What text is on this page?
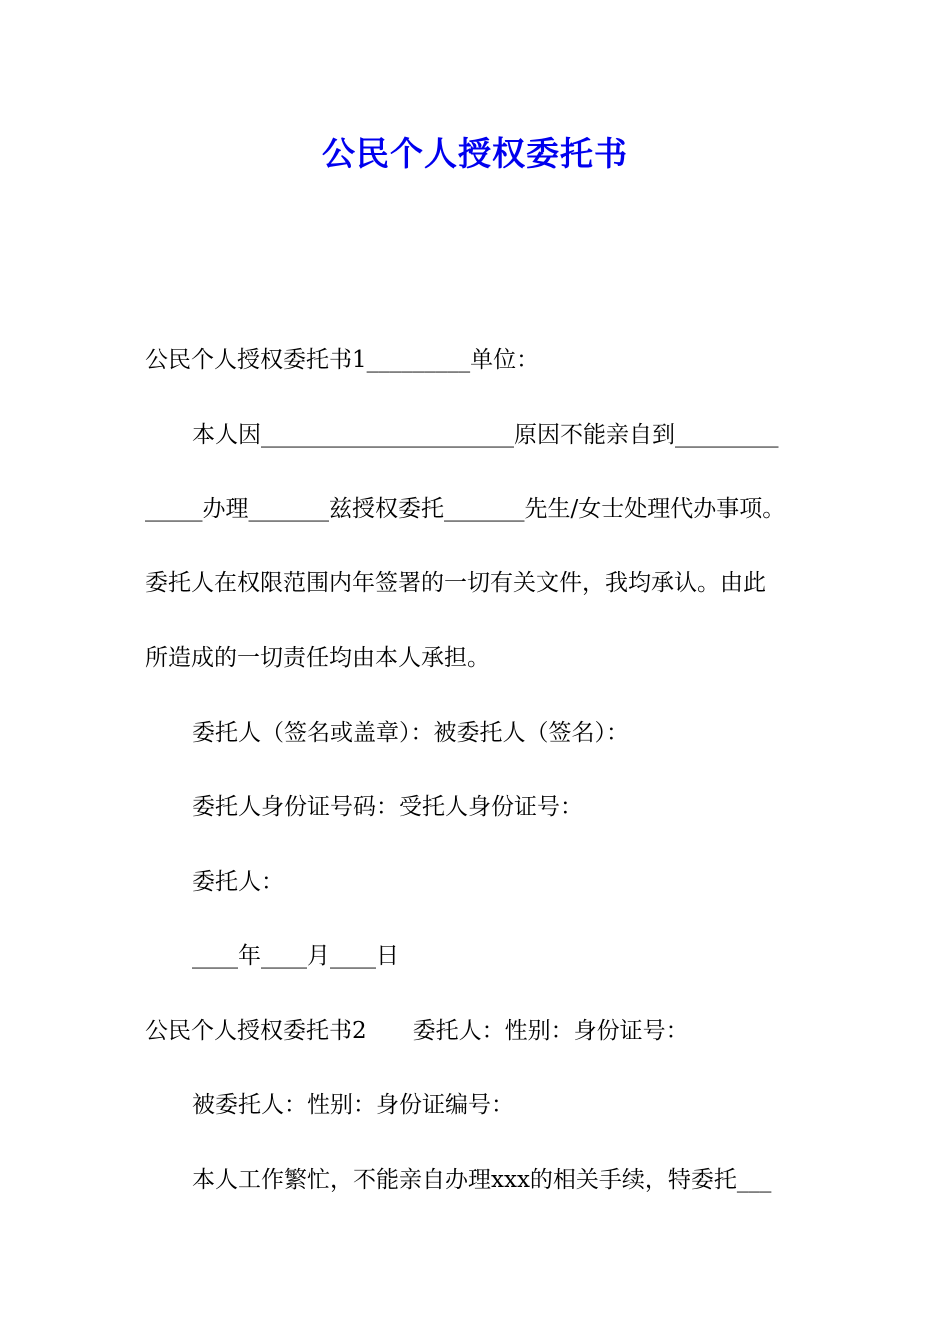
公民个人授权委托书

公民个人授权委托书1_________单位：

本人因______________________原因不能亲自到_________

_____办理_______兹授权委托_______先生/女士处理代办事项。

委托人在权限范围内年签署的一切有关文件，我均承认。由此

所造成的一切责任均由本人承担。

委托人（签名或盖章）：被委托人（签名）：

委托人身份证号码：受托人身份证号：

委托人：

____年____月____日

公民个人授权委托书2　　委托人：性别：身份证号：

被委托人：性别：身份证编号：

本人工作繁忙，不能亲自办理xxx的相关手续，特委托___
